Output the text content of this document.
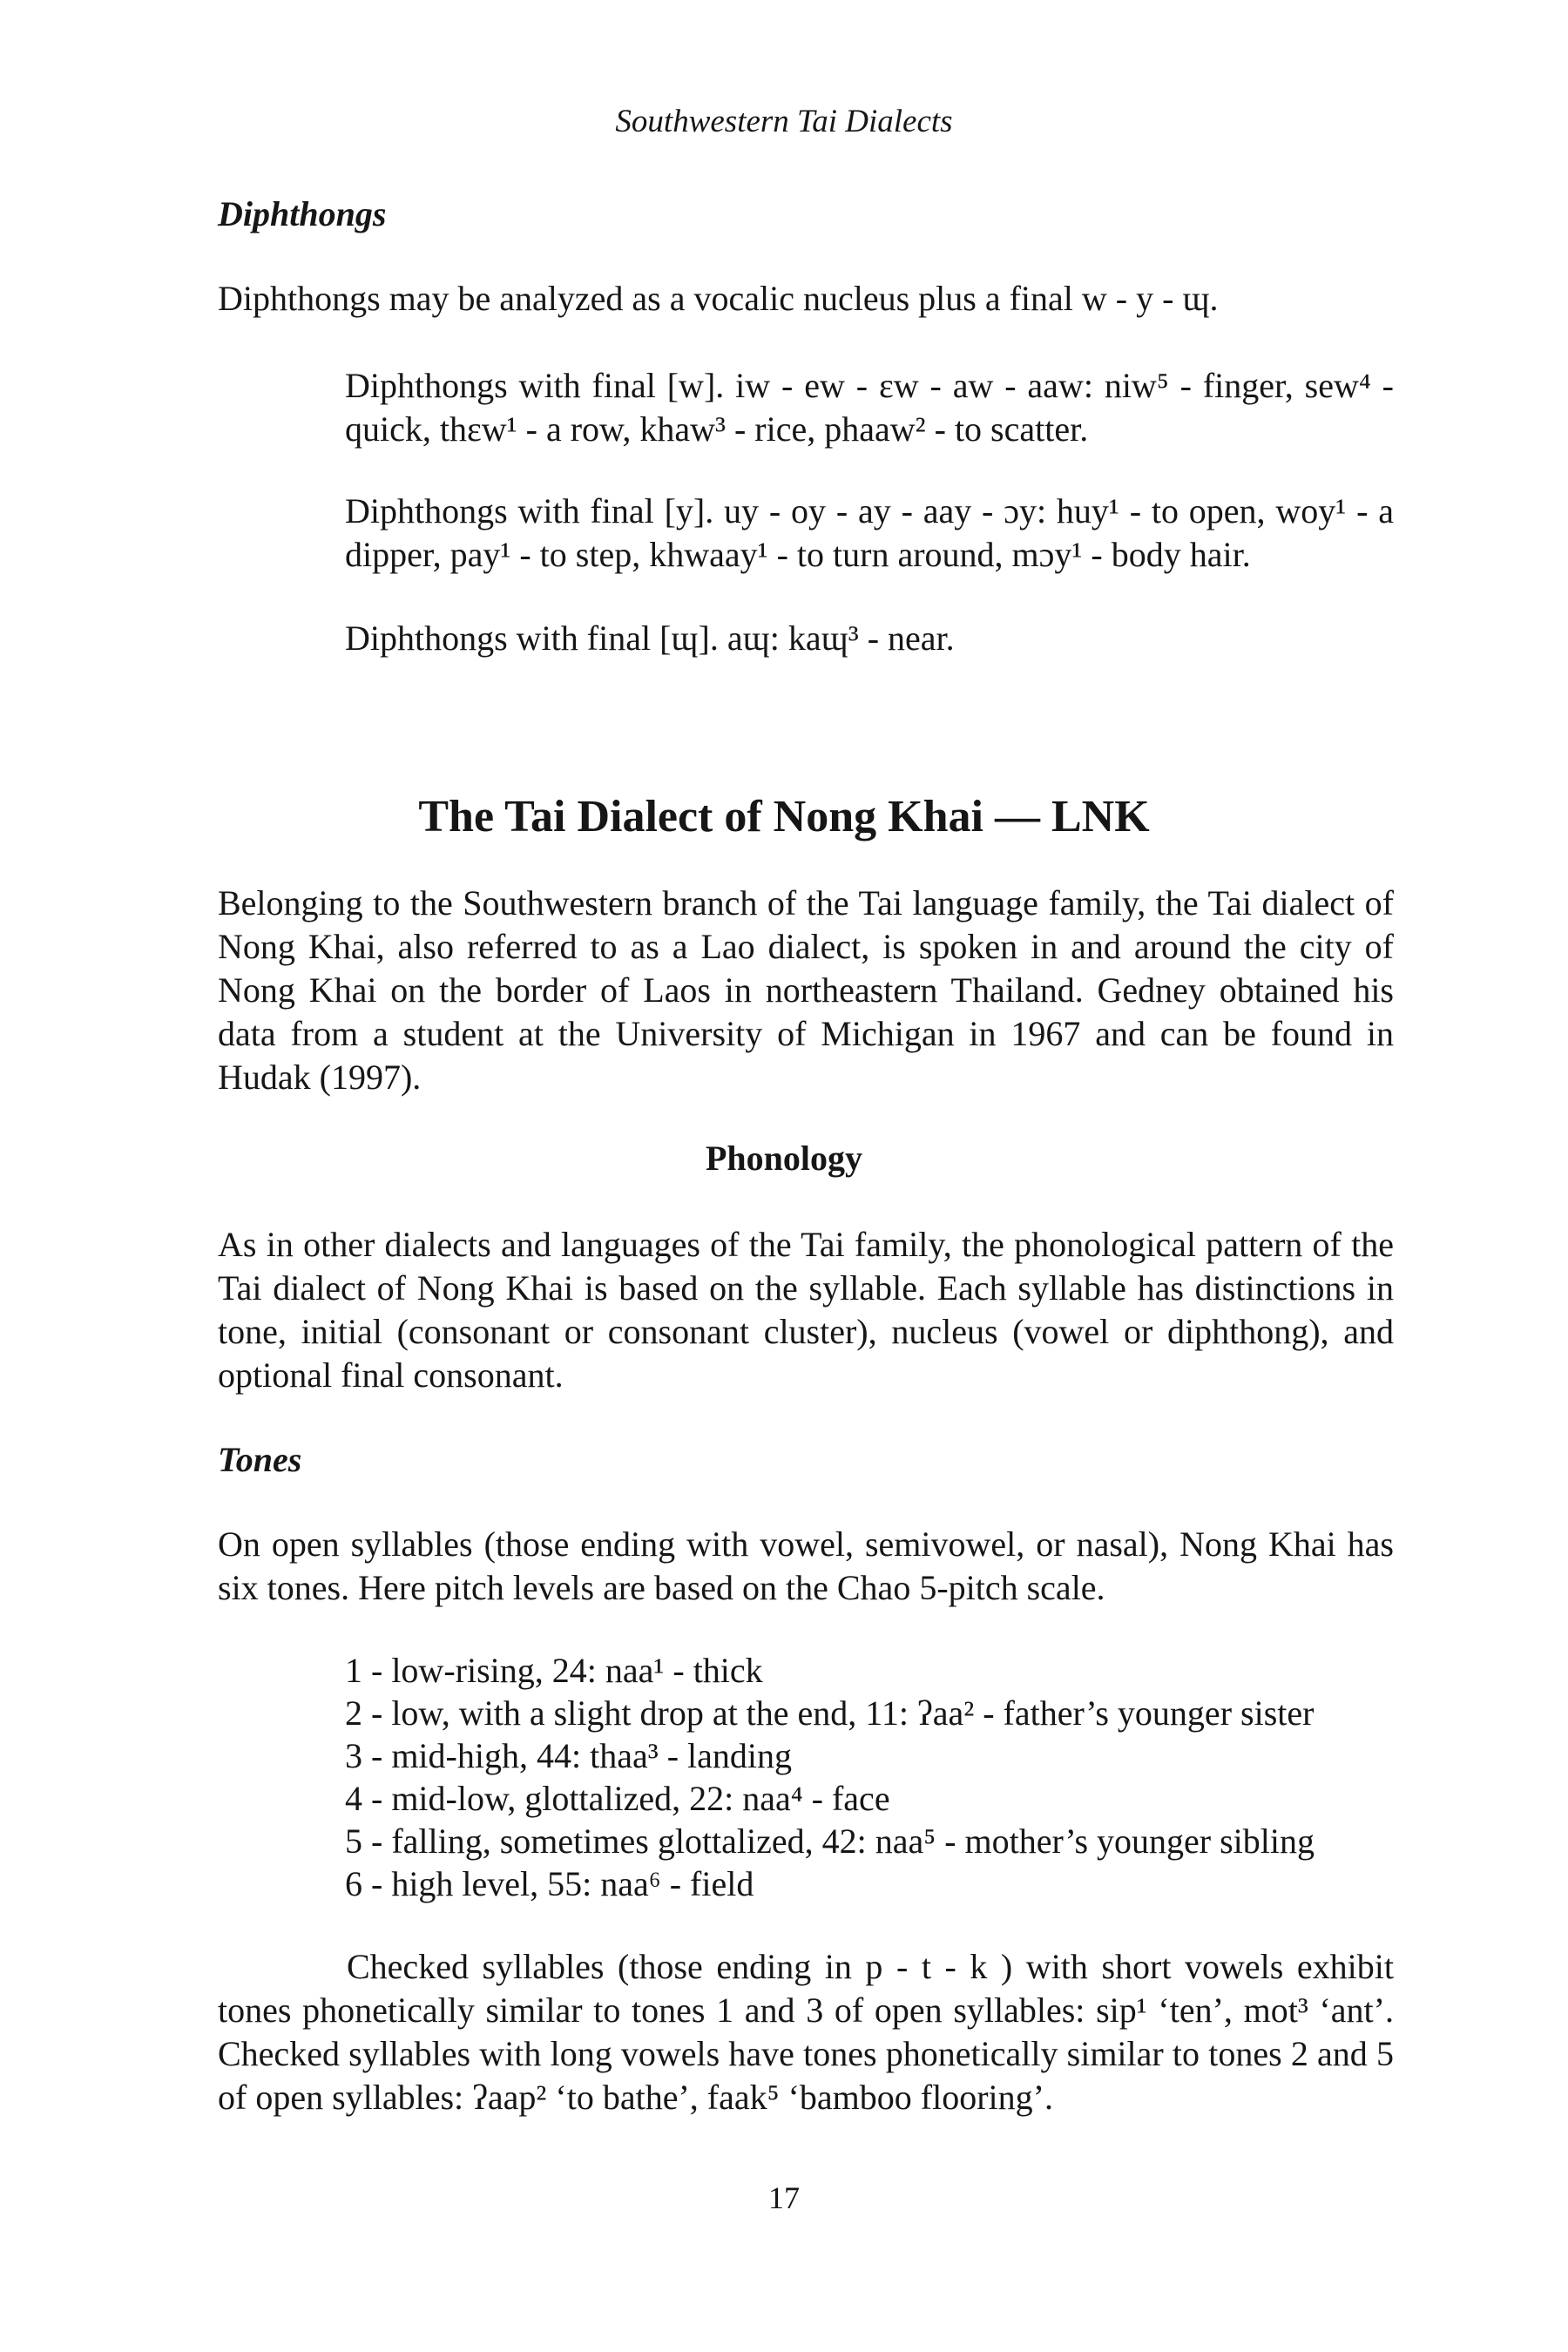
Southwestern Tai Dialects
Diphthongs

Diphthongs may be analyzed as a vocalic nucleus plus a final w - y - ɰ.

Diphthongs with final [w]. iw - ew - ɛw - aw - aaw: niw⁵ - finger, sew⁴ - quick, thɛw¹ - a row, khaw³ - rice, phaaw² - to scatter.

Diphthongs with final [y]. uy - oy - ay - aay - ɔy: huy¹ - to open, woy¹ - a dipper, pay¹ - to step, khwaay¹ - to turn around, mɔy¹ - body hair.

Diphthongs with final [ɰ]. aɰ: kaɰ³ - near.

The Tai Dialect of Nong Khai — LNK

Belonging to the Southwestern branch of the Tai language family, the Tai dialect of Nong Khai, also referred to as a Lao dialect, is spoken in and around the city of Nong Khai on the border of Laos in northeastern Thailand. Gedney obtained his data from a student at the University of Michigan in 1967 and can be found in Hudak (1997).

Phonology

As in other dialects and languages of the Tai family, the phonological pattern of the Tai dialect of Nong Khai is based on the syllable. Each syllable has distinctions in tone, initial (consonant or consonant cluster), nucleus (vowel or diphthong), and optional final consonant.

Tones

On open syllables (those ending with vowel, semivowel, or nasal), Nong Khai has six tones. Here pitch levels are based on the Chao 5-pitch scale.

1 - low-rising, 24: naa¹ - thick
2 - low, with a slight drop at the end, 11: ʔaa² - father’s younger sister
3 - mid-high, 44: thaa³ - landing
4 - mid-low, glottalized, 22: naa⁴ - face
5 - falling, sometimes glottalized, 42: naa⁵ - mother’s younger sibling
6 - high level, 55: naa⁶ - field

Checked syllables (those ending in p - t - k ) with short vowels exhibit tones phonetically similar to tones 1 and 3 of open syllables: sip¹ ‘ten’, mot³ ‘ant’. Checked syllables with long vowels have tones phonetically similar to tones 2 and 5 of open syllables: ʔaap² ‘to bathe’, faak⁵ ‘bamboo flooring’.

17
